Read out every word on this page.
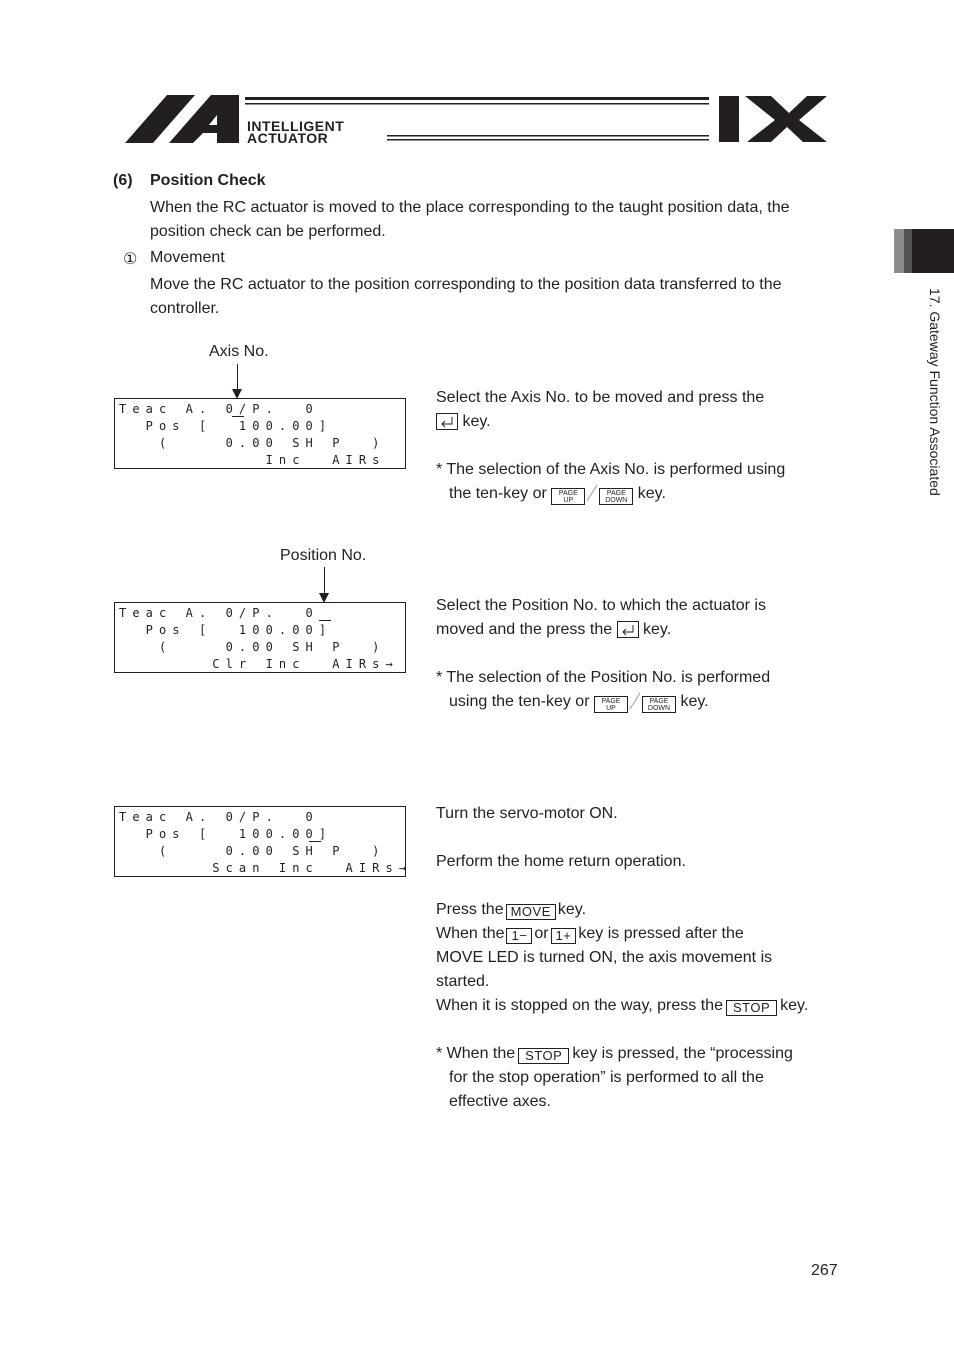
INTELLIGENT
ACTUATOR
17. Gateway Function Associated
(6) Position Check
When the RC actuator is moved to the place corresponding to the taught position data, the
position check can be performed.
① Movement
Move the RC actuator to the position corresponding to the position data transferred to the
controller.
Axis No.
Teac A. 0/P.  0
Pos [  100.00]
(    0.00 SH P  )
Inc  AIRs
Select the Axis No. to be moved and press the
key.
* The selection of the Axis No. is performed using
the ten-key or PAGE
UPPAGE
DOWN key.
Position No.
Teac A. 0/P.  0
Pos [  100.00]
(    0.00 SH P  )
Clr Inc  AIRs→
Select the Position No. to which the actuator is
moved and the press the key.
* The selection of the Position No. is performed
using the ten-key or PAGE
UPPAGE
DOWN key.
Teac A. 0/P.  0
Pos [  100.00]
(    0.00 SH P  )
Scan Inc  AIRs→
Turn the servo-motor ON.
Perform the home return operation.
Press the MOVE key.
When the 1− or 1+ key is pressed after the
MOVE LED is turned ON, the axis movement is
started.
When it is stopped on the way, press the STOP key.
* When the STOP key is pressed, the “processing
for the stop operation” is performed to all the
effective axes.
267
